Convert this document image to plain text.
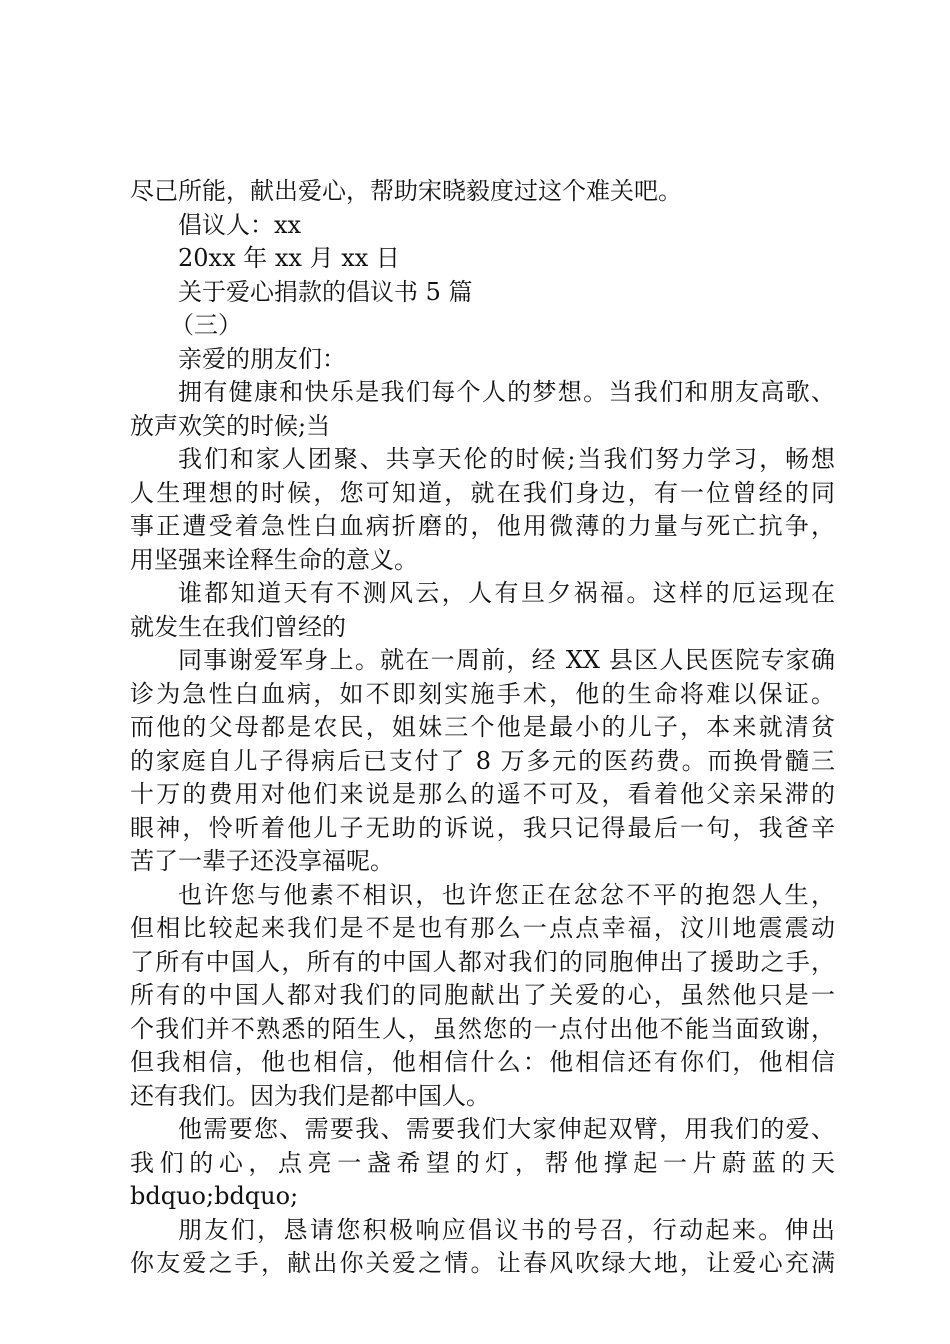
尽己所能，献出爱心，帮助宋晓毅度过这个难关吧。

倡议人：xx

20xx 年 xx 月 xx 日

关于爱心捐款的倡议书 5 篇

（三）

亲爱的朋友们：

拥有健康和快乐是我们每个人的梦想。当我们和朋友高歌、

放声欢笑的时候;当

我们和家人团聚、共享天伦的时候;当我们努力学习，畅想

人生理想的时候，您可知道，就在我们身边，有一位曾经的同

事正遭受着急性白血病折磨的，他用微薄的力量与死亡抗争，

用坚强来诠释生命的意义。

谁都知道天有不测风云，人有旦夕祸福。这样的厄运现在

就发生在我们曾经的

同事谢爱军身上。就在一周前，经 XX 县区人民医院专家确

诊为急性白血病，如不即刻实施手术，他的生命将难以保证。

而他的父母都是农民，姐妹三个他是最小的儿子，本来就清贫

的家庭自儿子得病后已支付了 8 万多元的医药费。而换骨髓三

十万的费用对他们来说是那么的遥不可及，看着他父亲呆滞的

眼神，怜听着他儿子无助的诉说，我只记得最后一句，我爸辛

苦了一辈子还没享福呢。

也许您与他素不相识，也许您正在忿忿不平的抱怨人生，

但相比较起来我们是不是也有那么一点点幸福，汶川地震震动

了所有中国人，所有的中国人都对我们的同胞伸出了援助之手，

所有的中国人都对我们的同胞献出了关爱的心，虽然他只是一

个我们并不熟悉的陌生人，虽然您的一点付出他不能当面致谢，

但我相信，他也相信，他相信什么：他相信还有你们，他相信

还有我们。因为我们是都中国人。

他需要您、需要我、需要我们大家伸起双臂，用我们的爱、

我们的心，点亮一盏希望的灯，帮他撑起一片蔚蓝的天

bdquo;bdquo;

朋友们，恳请您积极响应倡议书的号召，行动起来。伸出

你友爱之手，献出你关爱之情。让春风吹绿大地，让爱心充满
